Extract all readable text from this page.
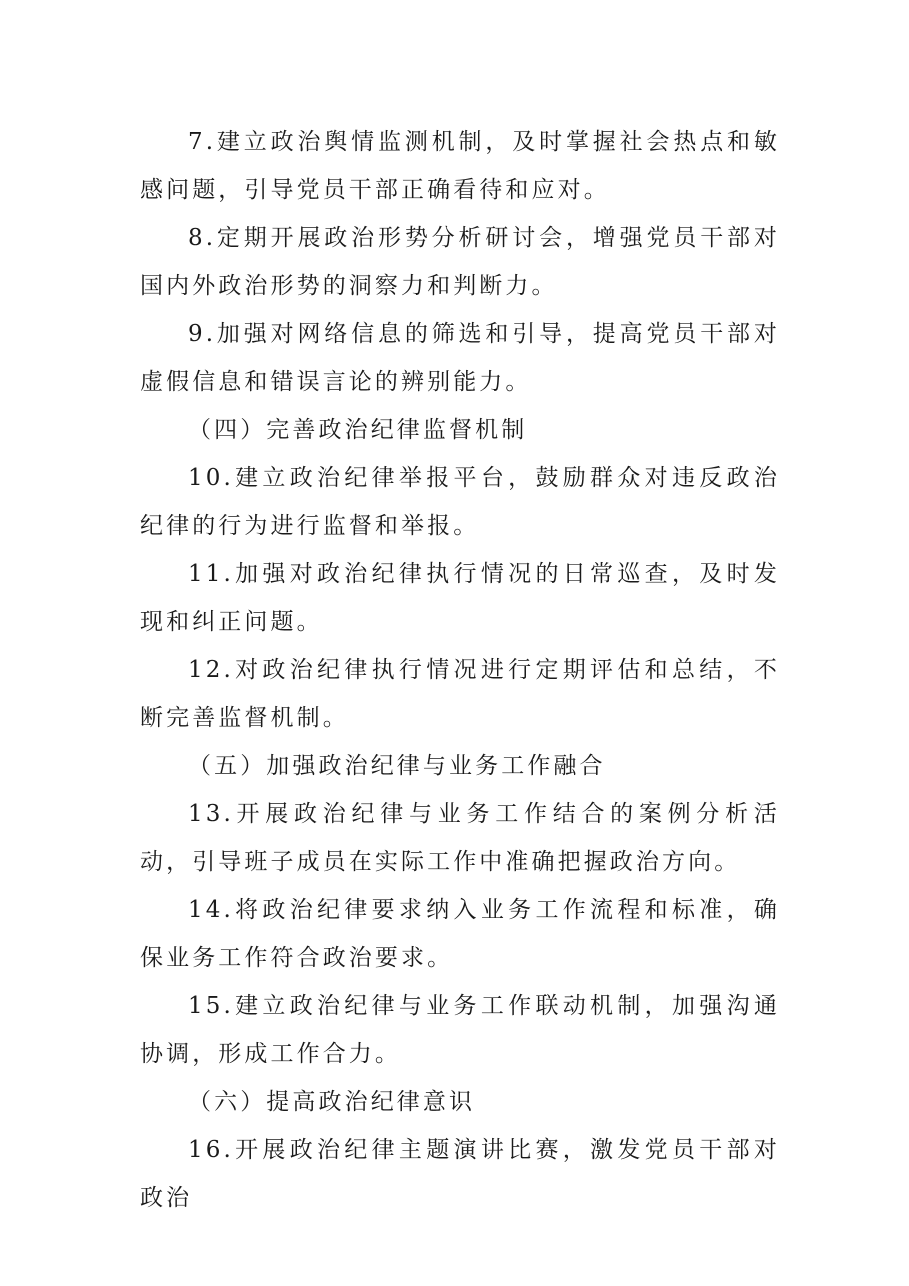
7.建立政治舆情监测机制，及时掌握社会热点和敏感问题，引导党员干部正确看待和应对。

8.定期开展政治形势分析研讨会，增强党员干部对国内外政治形势的洞察力和判断力。

9.加强对网络信息的筛选和引导，提高党员干部对虚假信息和错误言论的辨别能力。

（四）完善政治纪律监督机制

10.建立政治纪律举报平台，鼓励群众对违反政治纪律的行为进行监督和举报。

11.加强对政治纪律执行情况的日常巡查，及时发现和纠正问题。

12.对政治纪律执行情况进行定期评估和总结，不断完善监督机制。

（五）加强政治纪律与业务工作融合

13.开展政治纪律与业务工作结合的案例分析活动，引导班子成员在实际工作中准确把握政治方向。

14.将政治纪律要求纳入业务工作流程和标准，确保业务工作符合政治要求。

15.建立政治纪律与业务工作联动机制，加强沟通协调，形成工作合力。

（六）提高政治纪律意识

16.开展政治纪律主题演讲比赛，激发党员干部对政治
